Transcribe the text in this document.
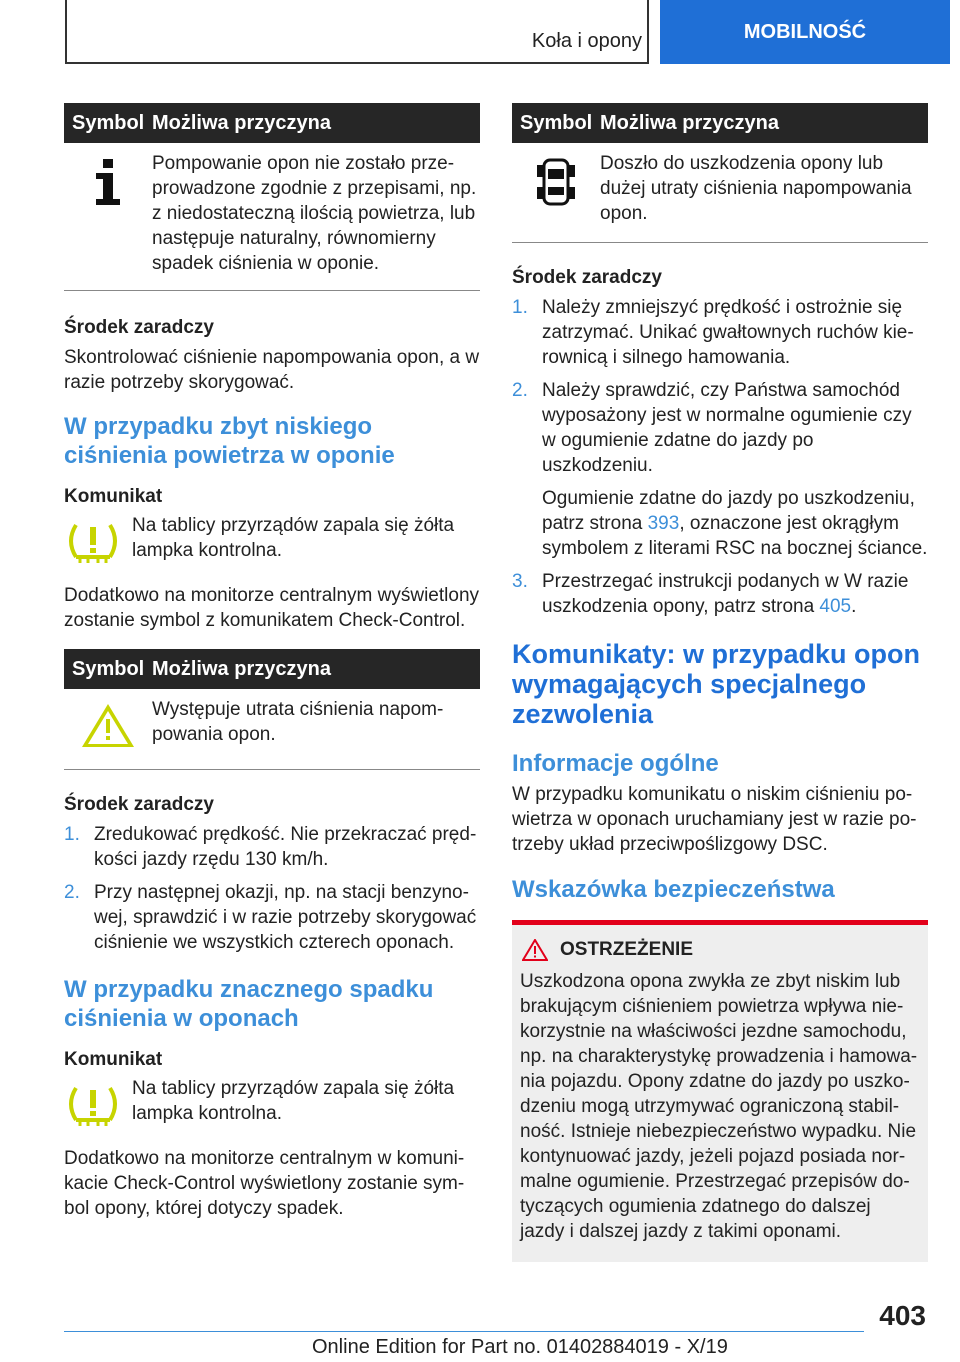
Koła i opony	MOBILNOŚĆ
Symbol Możliwa przyczyna
Pompowanie opon nie zostało przeprowadzone zgodnie z przepisami, np. z niedostateczną ilością powietrza, lub następuje naturalny, równomierny spadek ciśnienia w oponie.
Środek zaradczy

Skontrolować ciśnienie napompowania opon, a w razie potrzeby skorygować.

W przypadku zbyt niskiego ciśnienia powietrza w oponie
Komunikat
Na tablicy przyrządów zapala się żółta lampka kontrolna.

Dodatkowo na monitorze centralnym wyświetlony zostanie symbol z komunikatem Check-Control.

Symbol Możliwa przyczyna
Występuje utrata ciśnienia napompowania opon.
Środek zaradczy
1. Zredukować prędkość. Nie przekraczać prędkości jazdy rzędu 130 km/h.
2. Przy następnej okazji, np. na stacji benzynowej, sprawdzić i w razie potrzeby skorygować ciśnienie we wszystkich czterech oponach.
W przypadku znacznego spadku ciśnienia w oponach
Komunikat
Na tablicy przyrządów zapala się żółta lampka kontrolna.

Dodatkowo na monitorze centralnym w komunikacie Check-Control wyświetlony zostanie symbol opony, której dotyczy spadek.

Symbol Możliwa przyczyna
Doszło do uszkodzenia opony lub dużej utraty ciśnienia napompowania opon.
Środek zaradczy
1. Należy zmniejszyć prędkość i ostrożnie się zatrzymać. Unikać gwałtownych ruchów kierownicą i silnego hamowania.
2. Należy sprawdzić, czy Państwa samochód wyposażony jest w normalne ogumienie czy w ogumienie zdatne do jazdy po uszkodzeniu.
Ogumienie zdatne do jazdy po uszkodzeniu, patrz strona 393, oznaczone jest okrągłym symbolem z literami RSC na bocznej ściance.
3. Przestrzegać instrukcji podanych w W razie uszkodzenia opony, patrz strona 405.
Komunikaty: w przypadku opon wymagających specjalnego zezwolenia
Informacje ogólne

W przypadku komunikatu o niskim ciśnieniu powietrza w oponach uruchamiany jest w razie potrzeby układ przeciwpoślizgowy DSC.

Wskazówka bezpieczeństwa
OSTRZEŻENIE

Uszkodzona opona zwykła ze zbyt niskim lub brakującym ciśnieniem powietrza wpływa niekorzystnie na właściwości jezdne samochodu, np. na charakterystykę prowadzenia i hamowania pojazdu. Opony zdatne do jazdy po uszkodzeniu mogą utrzymywać ograniczoną stabilność. Istnieje niebezpieczeństwo wypadku. Nie kontynuować jazdy, jeżeli pojazd posiada normalne ogumienie. Przestrzegać przepisów dotyczących ogumienia zdatnego do dalszej jazdy i dalszej jazdy z takimi oponami.

403
Online Edition for Part no. 01402884019 - X/19
